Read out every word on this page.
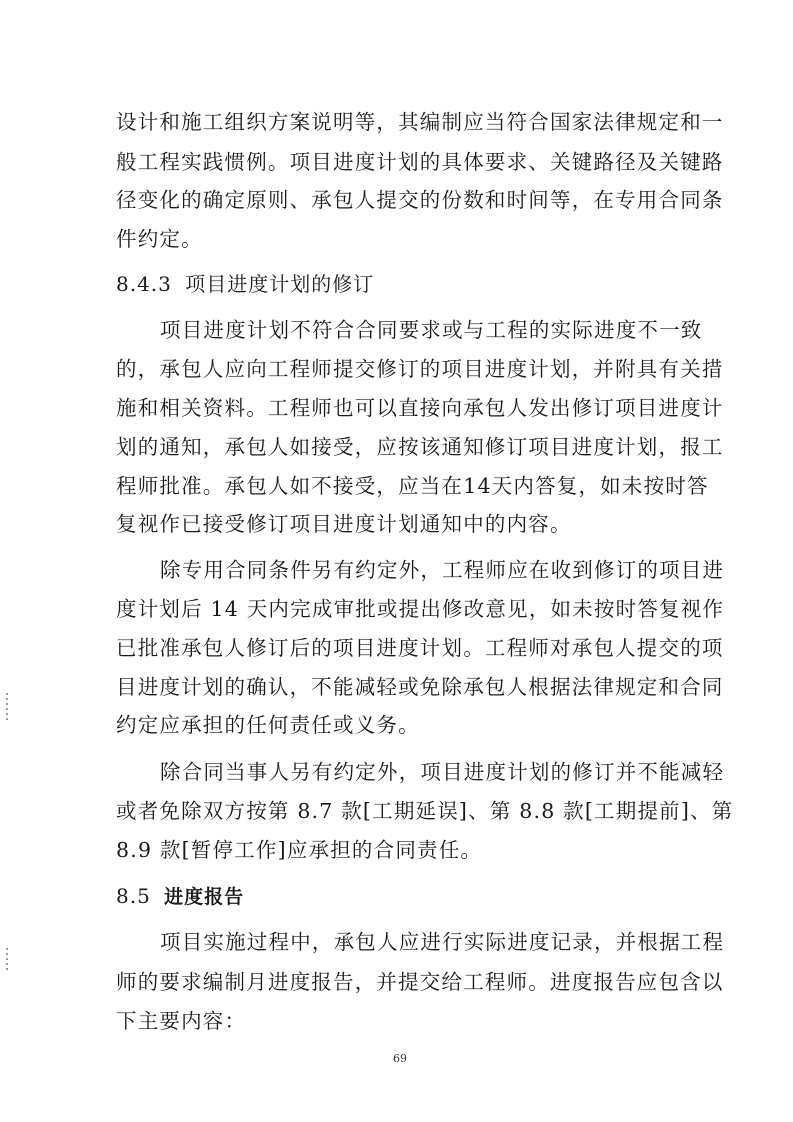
设计和施工组织方案说明等，其编制应当符合国家法律规定和一
般工程实践惯例。项目进度计划的具体要求、关键路径及关键路
径变化的确定原则、承包人提交的份数和时间等，在专用合同条
件约定。
8.4.3 项目进度计划的修订
项目进度计划不符合合同要求或与工程的实际进度不一致
的，承包人应向工程师提交修订的项目进度计划，并附具有关措
施和相关资料。工程师也可以直接向承包人发出修订项目进度计
划的通知，承包人如接受，应按该通知修订项目进度计划，报工
程师批准。承包人如不接受，应当在14天内答复，如未按时答
复视作已接受修订项目进度计划通知中的内容。
除专用合同条件另有约定外，工程师应在收到修订的项目进
度计划后 14 天内完成审批或提出修改意见，如未按时答复视作
已批准承包人修订后的项目进度计划。工程师对承包人提交的项
目进度计划的确认，不能减轻或免除承包人根据法律规定和合同
约定应承担的任何责任或义务。
除合同当事人另有约定外，项目进度计划的修订并不能减轻
或者免除双方按第 8.7 款[工期延误]、第 8.8 款[工期提前]、第
8.9 款[暂停工作]应承担的合同责任。
8.5 进度报告
项目实施过程中，承包人应进行实际进度记录，并根据工程
师的要求编制月进度报告，并提交给工程师。进度报告应包含以
下主要内容：
69
